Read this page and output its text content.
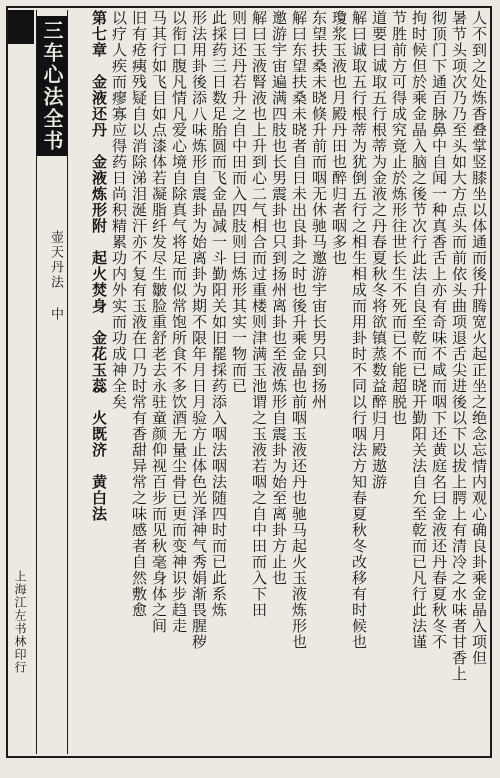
上海江左书林印行
三车心法全书
壶天丹法 中	人不到之处炼香叠掌竖膝坐以体通而後升腾宽火起正坐之绝念忘情内观心确良卦乘金晶入项但
暑节头项次乃乃至头如大方点头而前依头曲项退舌尖进後以下以拔上腭上有清冷之水味者甘香上
彻顶门下通百脉鼻中自闻一种真香舌上亦有奇味不咸而咽下还黄庭名曰金液还丹春夏秋冬不
拘时候但於乘金晶入脑之後节次行此法自良至乾而已晓开勤阳关法自允至乾而已凡行此法谨
节胜前方可得成究竟止於炼形往世长生不死而已不能超脱也
道要曰诚取五行根蒂为金液之丹春夏秋冬将欲镇蒸数益醉归月殿遨游
解曰诚取五行根蒂为犹倒五行之相生相成而用卦时不同以行咽法方知春夏秋冬改移有时候也
瓊浆玉液也月殿丹田也醉归者咽多也
东望扶桑未晓倏升前而咽无休驰马邀游宇宙长男只到扬州
解曰东望扶桑未晓者自日未出良卦之时也後升乘金晶也前咽玉液还丹也驰马起火玉液炼形也
邀游宇宙遍满四肢也长男震卦也只到扬州离卦也至液炼形自震卦为始至离卦方止也
解曰玉液腎液也上升到心二气相合而过重楼则津满玉池谓之玉液若咽之自中田而入下田
则曰还丹若升之自中田而入四肢则曰炼形其实一物而已
此採药三日数足胎圆而飞金晶减一斗勤阳关如旧罷採药添入咽法咽法随四时而已此系炼
形法用卦後添八味炼形自震卦为始离卦为期不限年月日月验方止体色光泽神气秀娟渐畏腥秽
以衔口腹凡情凡爱心境自除真气将足而似常饱所食不多饮酒无量尘骨已更而变神识步趋走
马其行如飞目如点漆体若凝脂纤发尽生皺脸重舒老去永驻童颜仰视百步而见秋毫身体之间
旧有疮痍残疑自以消除涕泪涎汗亦不复有玉液在口乃时常有香甜异常之味感者自然敷愈
以疗人疾而瘳寡应得药日尚积精累功内外实而功成神全矣
第七章　金液还丹　金液炼形附　起火焚身　金花玉蕊　火既济　黄白法
